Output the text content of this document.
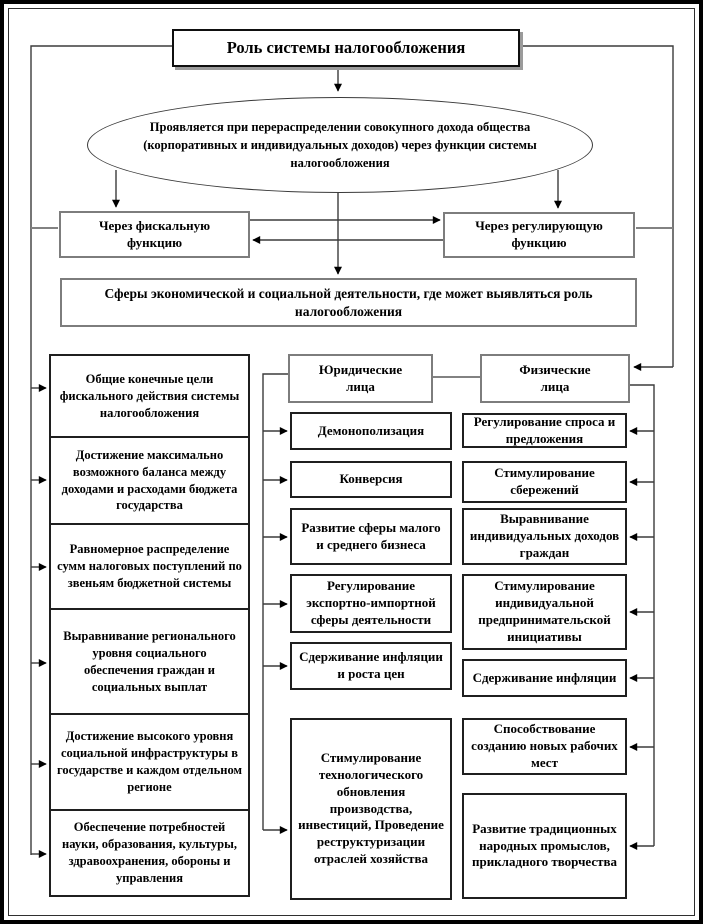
Роль системы налогообложения
Проявляется при перераспределении совокупного дохода общества (корпоративных и индивидуальных доходов) через функции системы налогообложения
Через фискальную функцию
Через регулирующую функцию
Сферы экономической и социальной деятельности, где может выявляться роль налогообложения
Общие конечные цели фискального действия системы налогообложения
Достижение максимально возможного баланса между доходами и расходами бюджета государства
Равномерное распределение сумм налоговых поступлений по звеньям бюджетной системы
Выравнивание регионального уровня социального обеспечения граждан и социальных выплат
Достижение высокого уровня социальной инфраструктуры в государстве и каждом отдельном регионе
Обеспечение потребностей науки, образования, культуры, здравоохранения, обороны и управления
Юридические лица
Физические лица
Демонополизация
Конверсия
Развитие сферы малого и среднего бизнеса
Регулирование экспортно-импортной сферы деятельности
Сдерживание инфляции и роста цен
Стимулирование технологического обновления производства, инвестиций, Проведение реструктуризации отраслей хозяйства
Регулирование спроса и предложения
Стимулирование сбережений
Выравнивание индивидуальных доходов граждан
Стимулирование индивидуальной предпринимательской инициативы
Сдерживание инфляции
Способствование созданию новых рабочих мест
Развитие традиционных народных промыслов, прикладного творчества
